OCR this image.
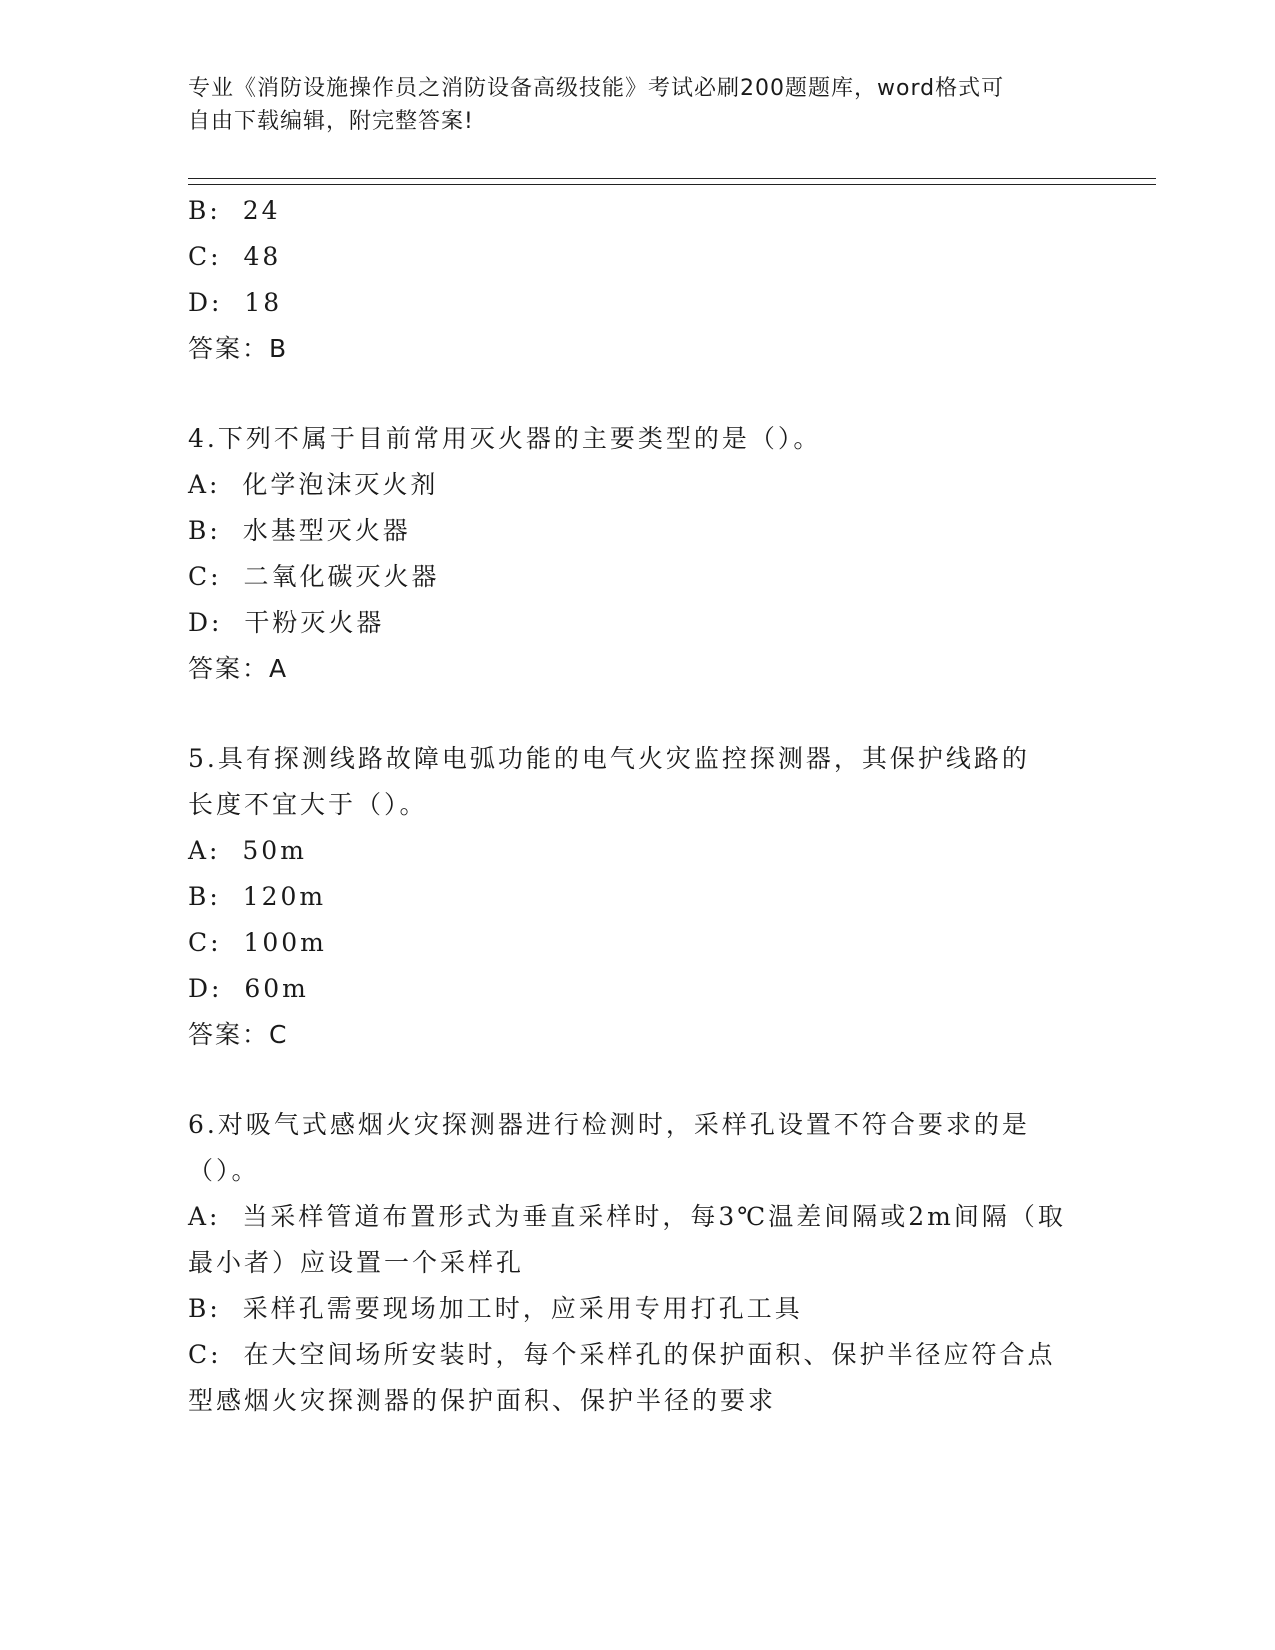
专业《消防设施操作员之消防设备高级技能》考试必刷200题题库，word格式可
自由下载编辑，附完整答案!
B: 24
C: 48
D: 18
答案：B
4.下列不属于目前常用灭火器的主要类型的是（）。
A: 化学泡沫灭火剂
B: 水基型灭火器
C: 二氧化碳灭火器
D: 干粉灭火器
答案：A
5.具有探测线路故障电弧功能的电气火灾监控探测器，其保护线路的
长度不宜大于（）。
A: 50m
B: 120m
C: 100m
D: 60m
答案：C
6.对吸气式感烟火灾探测器进行检测时，采样孔设置不符合要求的是
（）。
A:  当采样管道布置形式为垂直采样时，每3℃温差间隔或2m间隔（取
最小者）应设置一个采样孔
B:  采样孔需要现场加工时，应采用专用打孔工具
C:  在大空间场所安装时，每个采样孔的保护面积、保护半径应符合点
型感烟火灾探测器的保护面积、保护半径的要求
